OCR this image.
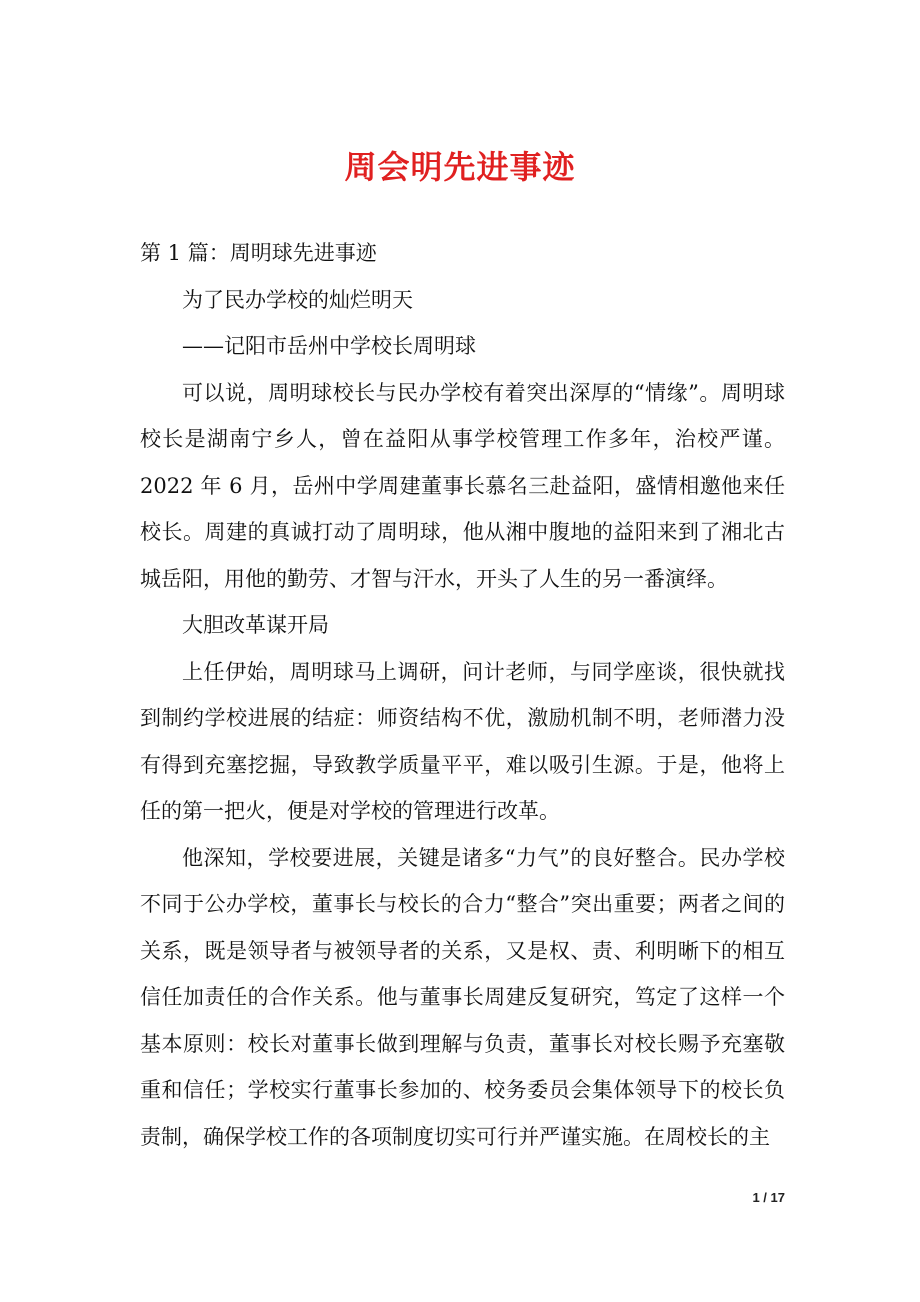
周会明先进事迹

第 1 篇：周明球先进事迹

为了民办学校的灿烂明天

——记阳市岳州中学校长周明球

可以说，周明球校长与民办学校有着突出深厚的“情缘”。周明球校长是湖南宁乡人，曾在益阳从事学校管理工作多年，治校严谨。2022 年 6 月，岳州中学周建董事长慕名三赴益阳，盛情相邀他来任校长。周建的真诚打动了周明球，他从湘中腹地的益阳来到了湘北古城岳阳，用他的勤劳、才智与汗水，开头了人生的另一番演绎。

大胆改革谋开局

上任伊始，周明球马上调研，问计老师，与同学座谈，很快就找到制约学校进展的结症：师资结构不优，激励机制不明，老师潜力没有得到充塞挖掘，导致教学质量平平，难以吸引生源。于是，他将上任的第一把火，便是对学校的管理进行改革。

他深知，学校要进展，关键是诸多“力气”的良好整合。民办学校不同于公办学校，董事长与校长的合力“整合”突出重要；两者之间的关系，既是领导者与被领导者的关系，又是权、责、利明晰下的相互信任加责任的合作关系。他与董事长周建反复研究，笃定了这样一个基本原则：校长对董事长做到理解与负责，董事长对校长赐予充塞敬重和信任；学校实行董事长参加的、校务委员会集体领导下的校长负责制，确保学校工作的各项制度切实可行并严谨实施。在周校长的主

1 / 17
